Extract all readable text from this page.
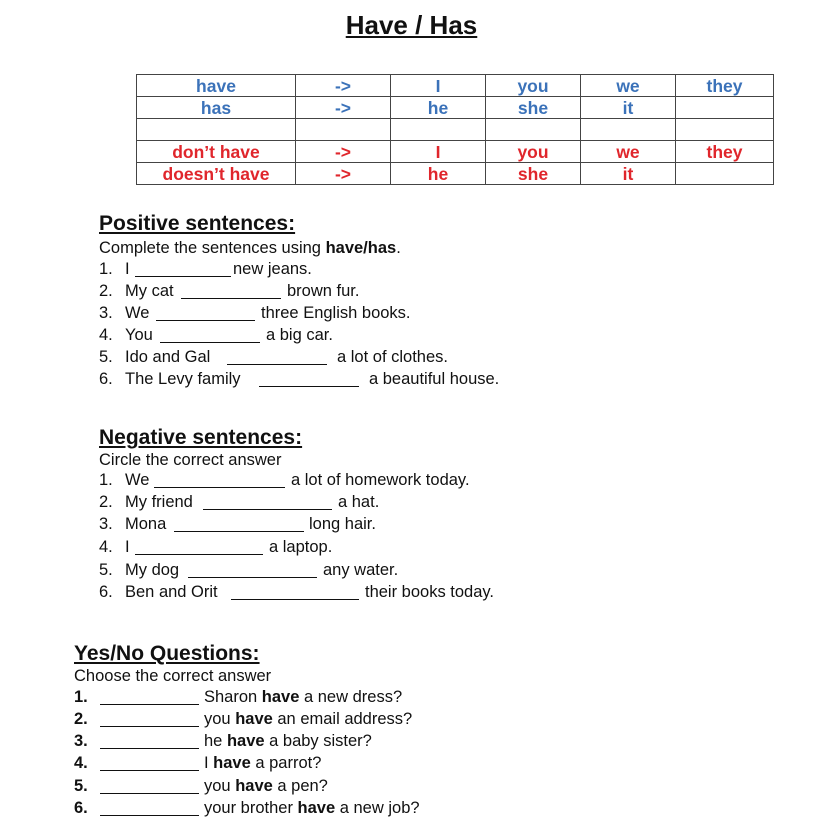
Have / Has
have	->	I	you	we	they
has	->	he	she	it	

don’t have	->	I	you	we	they
doesn’t have	->	he	she	it	
Positive sentences:
Complete the sentences using have/has.
1. I	new jeans.
2. My cat	brown fur.
3. We	three English books.
4. You	a big car.
5. Ido and Gal	a lot of clothes.
6. The Levy family	a beautiful house.
Negative sentences:
Circle the correct answer
1. We	a lot of homework today.
2. My friend	a hat.
3. Mona	long hair.
4. I	a laptop.
5. My dog	any water.
6. Ben and Orit	their books today.
Yes/No Questions:
Choose the correct answer
1.	Sharon have a new dress?
2.	you have an email address?
3.	he have a baby sister?
4.	I have a parrot?
5.	you have a pen?
6.	your brother have a new job?
